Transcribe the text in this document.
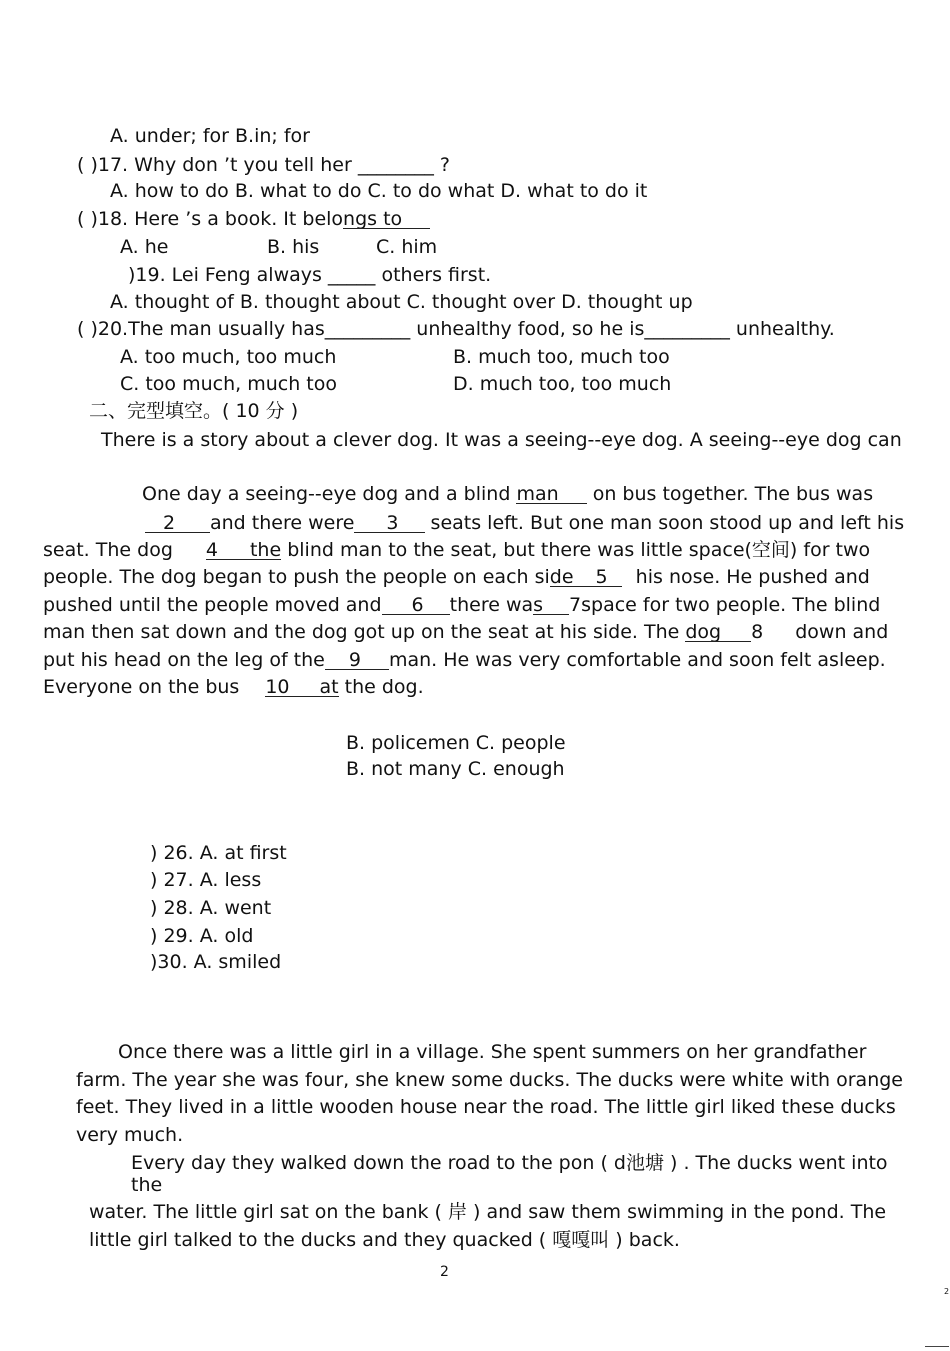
A. under; for B.in; for
( )17. Why don ’t you tell her ________ ?
A. how to do B. what to do C. to do what D. what to do it
( )18. Here ’s a book. It belongs to
A. he	B. his	C. him
)19. Lei Feng always _____ others first.
A. thought of B. thought about C. thought over D. thought up
( )20.The man usually has_________ unhealthy food, so he is_________ unhealthy.
A. too much, too much	B. much too, much too
C. too much, much too	D. much too, too much
二、完型填空。( 10 分 )
There is a story about a clever dog. It was a seeing--eye dog. A seeing--eye dog can
One day a seeing--eye dog and a blind man on bus together. The bus was
2 and there were 3 seats left. But one man soon stood up and left his
seat. The dog 4 the blind man to the seat, but there was little space(空间) for two
people. The dog began to push the people on each side 5 his nose. He pushed and
pushed until the people moved and 6 there was 7space for two people. The blind
man then sat down and the dog got up on the seat at his side. The dog 8 down and
put his head on the leg of the 9 man. He was very comfortable and soon felt asleep.
Everyone on the bus 10 at the dog.
B. policemen C. people
B. not many C. enough
) 26. A. at first
) 27. A. less
) 28. A. went
) 29. A. old
)30. A. smiled
Once there was a little girl in a village. She spent summers on her grandfather
farm. The year she was four, she knew some ducks. The ducks were white with orange
feet. They lived in a little wooden house near the road. The little girl liked these ducks
very much.
Every day they walked down the road to the pon ( d池塘 ) . The ducks went into
the
water. The little girl sat on the bank ( 岸 ) and saw them swimming in the pond. The
little girl talked to the ducks and they quacked ( 嘎嘎叫 ) back.
2
2
